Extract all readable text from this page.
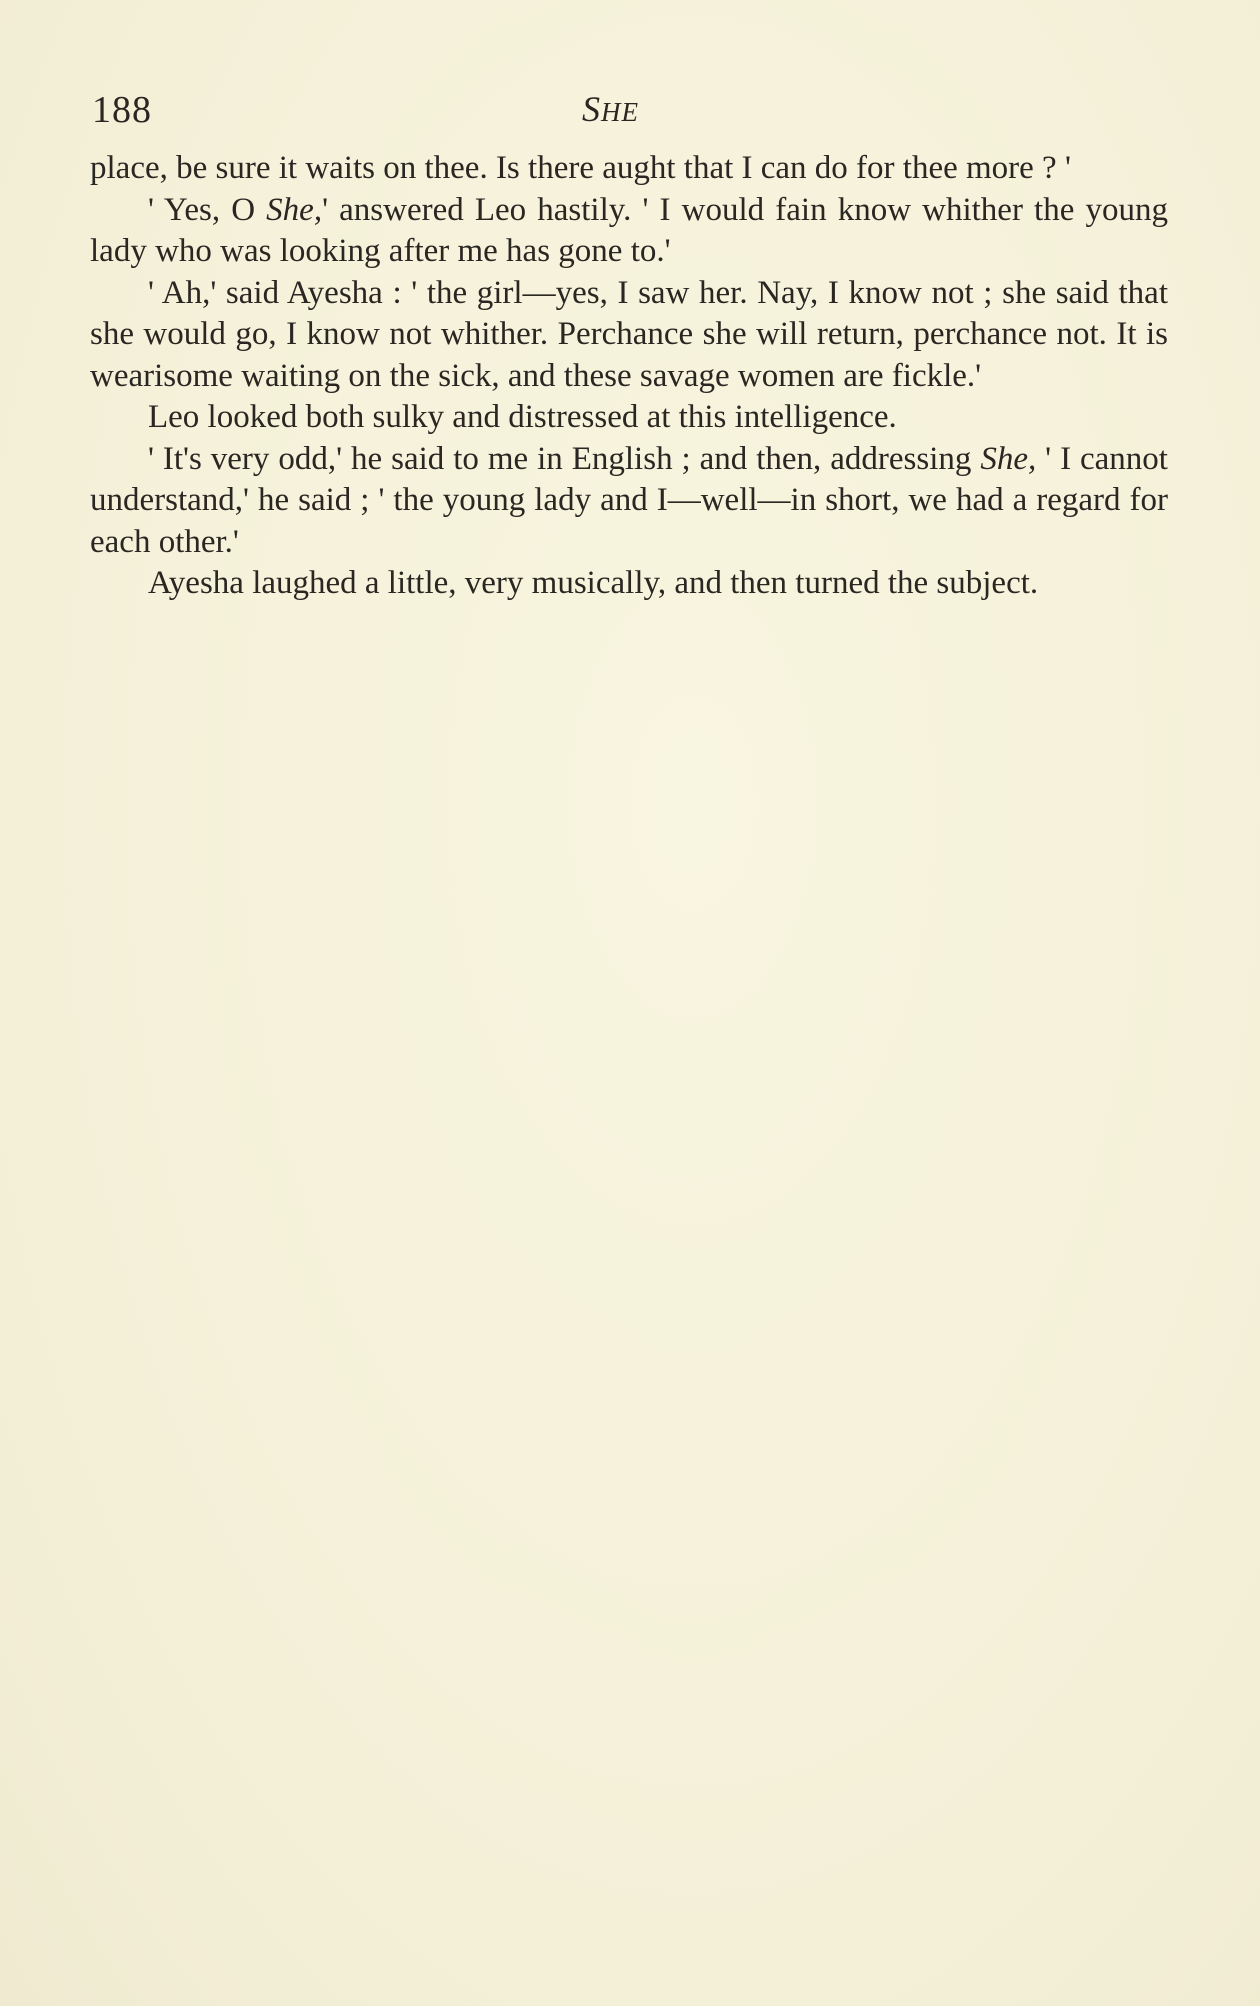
188	SHE

place, be sure it waits on thee. Is there aught that I can do for thee more ? '

' Yes, O She,' answered Leo hastily. ' I would fain know whither the young lady who was looking after me has gone to.'

' Ah,' said Ayesha : ' the girl—yes, I saw her. Nay, I know not ; she said that she would go, I know not whither. Perchance she will return, perchance not. It is wearisome waiting on the sick, and these savage women are fickle.'

Leo looked both sulky and distressed at this intelligence.

' It's very odd,' he said to me in English ; and then, addressing She, ' I cannot understand,' he said ; ' the young lady and I—well—in short, we had a regard for each other.'

Ayesha laughed a little, very musically, and then turned the subject.
